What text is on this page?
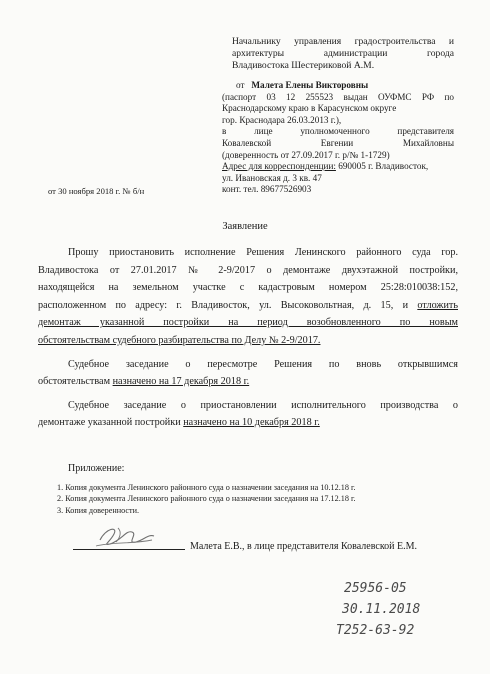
Начальнику управления градостроительства и
архитектуры администрации города
Владивостока Шестериковой А.М.
от Малета Елены Викторовны
(паспорт 03 12 255523 выдан ОУФМС РФ по
Краснодарскому краю в Карасунском округе
гор. Краснодара 26.03.2013 г.),
в лице уполномоченного представителя
Ковалевской Евгении Михайловны
(доверенность от 27.09.2017 г. р/№ 1-1729)
Адрес для корреспонденции: 690005 г. Владивосток,
ул. Ивановская д. 3 кв. 47
конт. тел. 89677526903
от 30 ноября 2018 г. № б/н
Заявление
Прошу приостановить исполнение Решения Ленинского районного суда гор.
Владивостока от 27.01.2017 № 2-9/2017 о демонтаже двухэтажной постройки,
находящейся на земельном участке с кадастровым номером 25:28:010038:152,
расположенном по адресу: г. Владивосток, ул. Высоковольтная, д. 15, и отложить
демонтаж указанной постройки на период возобновленного по новым
обстоятельствам судебного разбирательства по Делу № 2-9/2017.
Судебное заседание о пересмотре Решения по вновь открывшимся
обстоятельствам назначено на 17 декабря 2018 г.
Судебное заседание о приостановлении исполнительного производства о
демонтаже указанной постройки назначено на 10 декабря 2018 г.
Приложение:
1. Копия документа Ленинского районного суда о назначении заседания на 10.12.18 г.
2. Копия документа Ленинского районного суда о назначении заседания на 17.12.18 г.
3. Копия доверенности.
Малета Е.В., в лице представителя Ковалевской Е.М.
25956-05
30.11.2018
Т252-63-92
